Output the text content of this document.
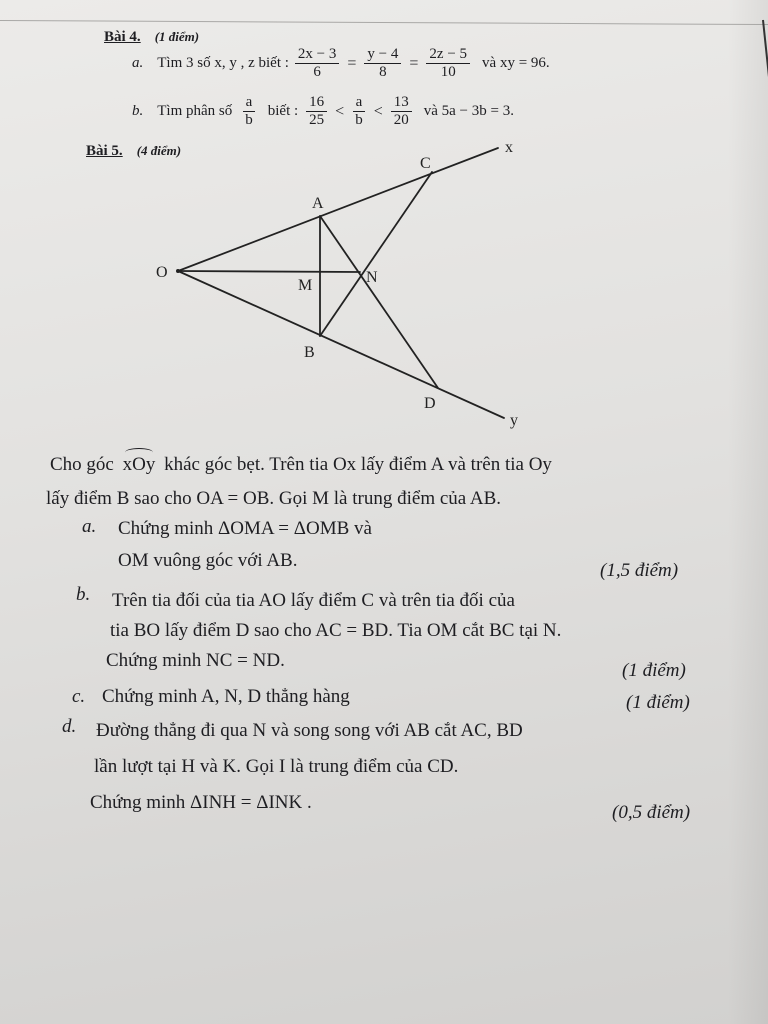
Bài 4. (1 điểm)
a. Tìm 3 số x, y , z biết : $\frac{2x - 3}{6} = \frac{y - 4}{8} = \frac{2z - 5}{10}$ và xy = 96.
b. Tìm phân số $\frac{a}{b}$ biết : $\frac{16}{25} < \frac{a}{b} < \frac{13}{20}$ và 5a − 3b = 3.
Bài 5. (4 điểm)
O
A
B
C
D
M	N
x
y
Cho góc xOy khác góc bẹt. Trên tia Ox lấy điểm A và trên tia Oy
lấy điểm B sao cho OA = OB. Gọi M là trung điểm của AB.
a. Chứng minh ΔOMA = ΔOMB và
OM vuông góc với AB.	(1,5 điểm)
b. Trên tia đối của tia AO lấy điểm C và trên tia đối của
tia BO lấy điểm D sao cho AC = BD. Tia OM cắt BC tại N.
Chứng minh NC = ND.	(1 điểm)
c. Chứng minh A, N, D thẳng hàng	(1 điểm)
d. Đường thẳng đi qua N và song song với AB cắt AC, BD
lần lượt tại H và K. Gọi I là trung điểm của CD.
Chứng minh ΔINH = ΔINK .	(0,5 điểm)
